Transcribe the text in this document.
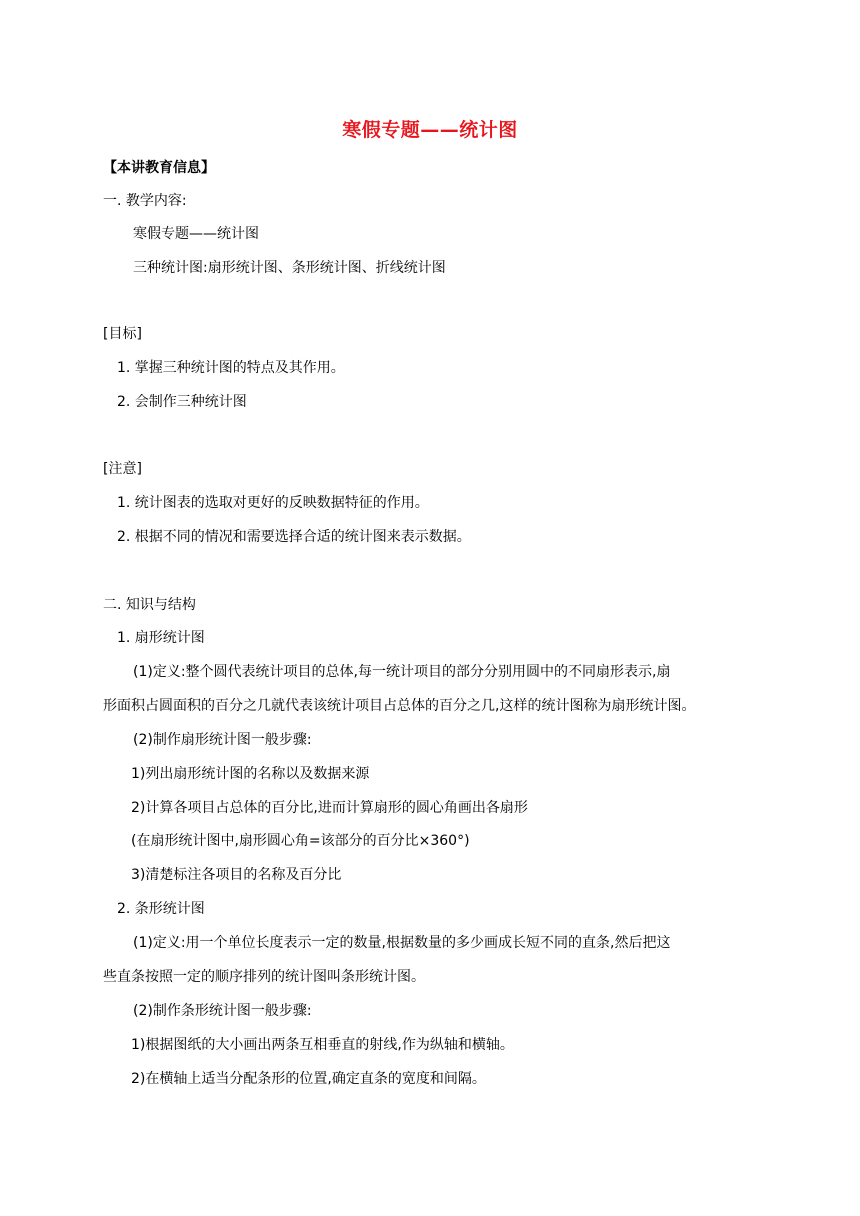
寒假专题——统计图
【本讲教育信息】
一. 教学内容:
寒假专题——统计图
三种统计图:扇形统计图、条形统计图、折线统计图
[目标]
1. 掌握三种统计图的特点及其作用。
2. 会制作三种统计图
[注意]
1. 统计图表的选取对更好的反映数据特征的作用。
2. 根据不同的情况和需要选择合适的统计图来表示数据。
二. 知识与结构
1. 扇形统计图
(1)定义:整个圆代表统计项目的总体,每一统计项目的部分分别用圆中的不同扇形表示,扇
形面积占圆面积的百分之几就代表该统计项目占总体的百分之几,这样的统计图称为扇形统计图。
(2)制作扇形统计图一般步骤:
1)列出扇形统计图的名称以及数据来源
2)计算各项目占总体的百分比,进而计算扇形的圆心角画出各扇形
(在扇形统计图中,扇形圆心角=该部分的百分比×360°)
3)清楚标注各项目的名称及百分比
2. 条形统计图
(1)定义:用一个单位长度表示一定的数量,根据数量的多少画成长短不同的直条,然后把这
些直条按照一定的顺序排列的统计图叫条形统计图。
(2)制作条形统计图一般步骤:
1)根据图纸的大小画出两条互相垂直的射线,作为纵轴和横轴。
2)在横轴上适当分配条形的位置,确定直条的宽度和间隔。
